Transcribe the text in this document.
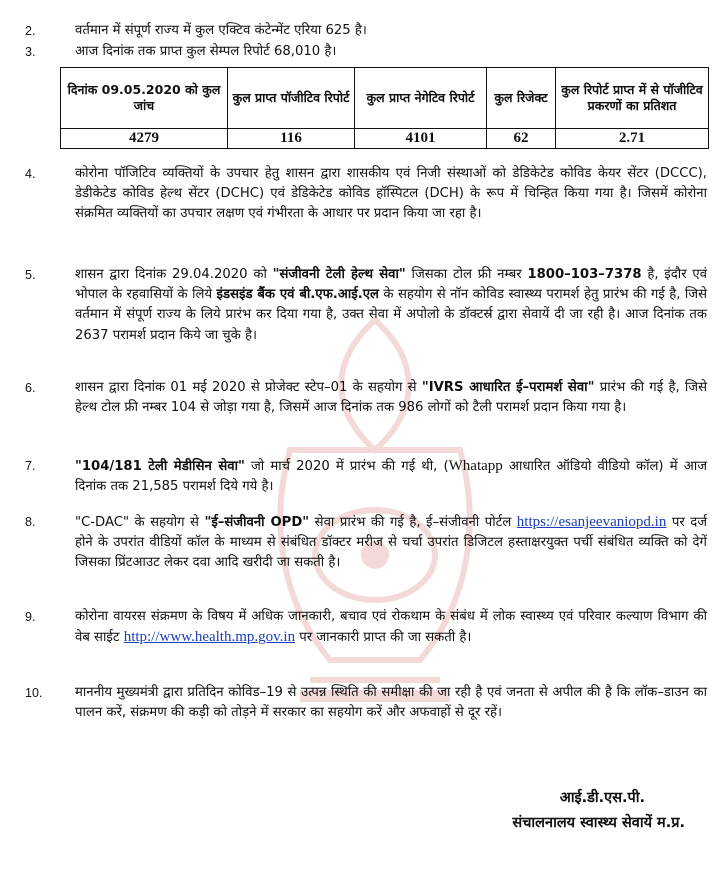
2.	वर्तमान में संपूर्ण राज्य में कुल एक्टिव कंटेन्मेंट एरिया 625 है।
3.	आज दिनांक तक प्राप्त कुल सेम्पल रिपोर्ट 68,010 है।
दिनांक 09.05.2020 को कुल जांच	कुल प्राप्त पॉजीटिव रिपोर्ट	कुल प्राप्त नेगेटिव रिपोर्ट	कुल रिजेक्ट	कुल रिपोर्ट प्राप्त में से पॉजीटिव प्रकरणों का प्रतिशत
4279	116	4101	62	2.71
4.	कोरोना पॉजिटिव व्यक्तियों के उपचार हेतु शासन द्वारा शासकीय एवं निजी संस्थाओं को डेडिकेटेड कोविड केयर सेंटर (DCCC), डेडीकेटेड कोविड हेल्थ सेंटर (DCHC) एवं डेडिकेटेड कोविड हॉस्पिटल (DCH) के रूप में चिन्हित किया गया है। जिसमें कोरोना संक्रमित व्यक्तियों का उपचार लक्षण एवं गंभीरता के आधार पर प्रदान किया जा रहा है।
5.	शासन द्वारा दिनांक 29.04.2020 को "संजीवनी टेली हेल्थ सेवा" जिसका टोल फ्री नम्बर 1800–103–7378 है, इंदौर एवं भोपाल के रहवासियों के लिये इंडसइंड बैंक एवं बी.एफ.आई.एल के सहयोग से नॉन कोविड स्वास्थ्य परामर्श हेतु प्रारंभ की गई है, जिसे वर्तमान में संपूर्ण राज्य के लिये प्रारंभ कर दिया गया है, उक्त सेवा में अपोलो के डॉक्टर्स्र द्वारा सेवायें दी जा रही है। आज दिनांक तक 2637 परामर्श प्रदान किये जा चुके है।
6.	शासन द्वारा दिनांक 01 मई 2020 से प्रोजेक्ट स्टेप–01 के सहयोग से "IVRS आधारित ई–परामर्श सेवा" प्रारंभ की गई है, जिसे हेल्थ टोल फ्री नम्बर 104 से जोड़ा गया है, जिसमें आज दिनांक तक 986 लोगों को टैली परामर्श प्रदान किया गया है।
7.	"104/181 टेली मेडीसिन सेवा" जो मार्च 2020 में प्रारंभ की गई थी, (Whatapp आधारित ऑडियो वीडियो कॉल) में आज दिनांक तक 21,585 परामर्श दिये गये है।
8.	"C-DAC" के सहयोग से "ई–संजीवनी OPD" सेवा प्रारंभ की गई है, ई–संजीवनी पोर्टल https://esanjeevaniopd.in पर दर्ज होने के उपरांत वीडियों कॉल के माध्यम से संबंधित डॉक्टर मरीज से चर्चा उपरांत डिजिटल हस्ताक्षरयुक्त पर्ची संबंधित व्यक्ति को देगें जिसका प्रिंटआउट लेकर दवा आदि खरीदी जा सकती है।
9.	कोरोना वायरस संक्रमण के विषय में अधिक जानकारी, बचाव एवं रोकथाम के संबंध में लोक स्वास्थ्य एवं परिवार कल्याण विभाग की वेब साईट http://www.health.mp.gov.in पर जानकारी प्राप्त की जा सकती है।
10. माननीय मुख्यमंत्री द्वारा प्रतिदिन कोविड–19 से उत्पन्न स्थिति की समीक्षा की जा रही है एवं जनता से अपील की है कि लॉक–डाउन का पालन करें, संक्रमण की कड़ी को तोड़ने में सरकार का सहयोग करें और अफवाहों से दूर रहें।
आई.डी.एस.पी.
संचालनालय स्वास्थ्य सेवायें म.प्र.
